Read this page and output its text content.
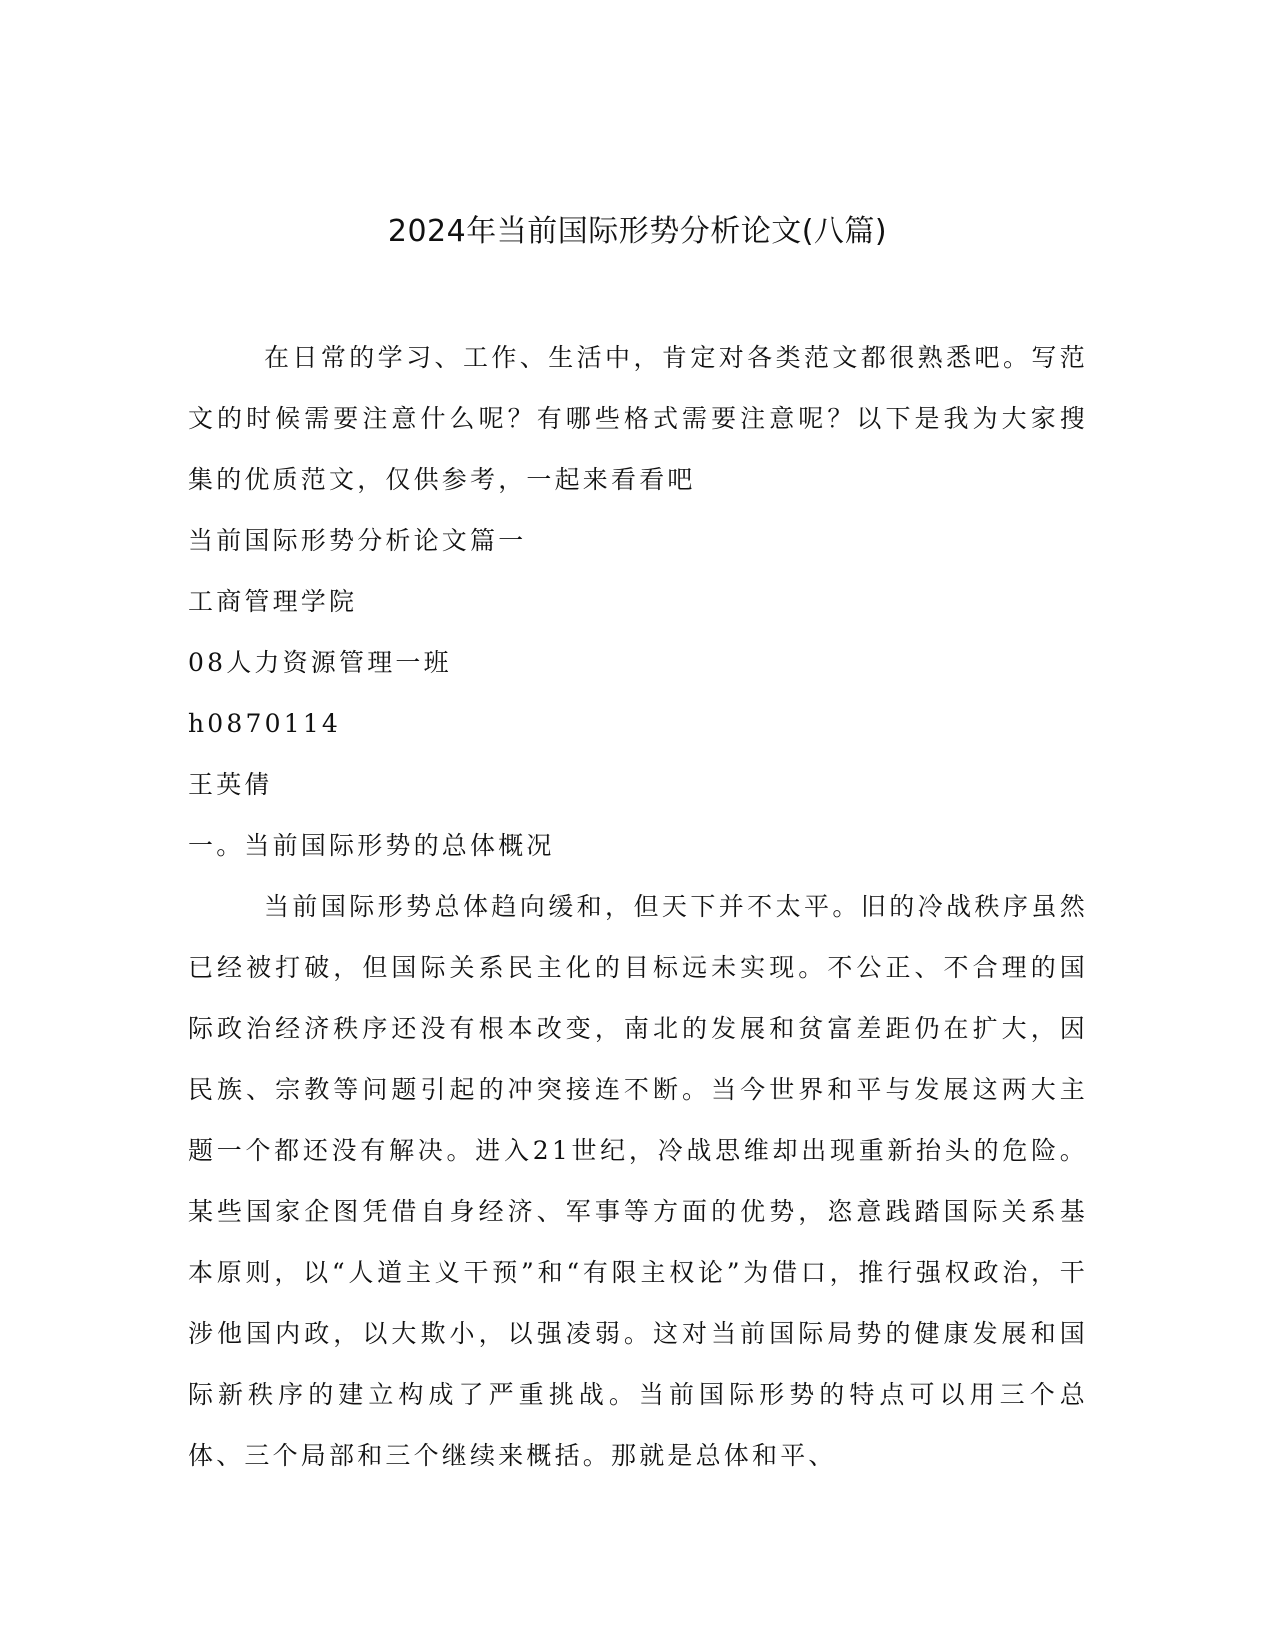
2024年当前国际形势分析论文(八篇)

在日常的学习、工作、生活中，肯定对各类范文都很熟悉吧。写范文的时候需要注意什么呢？有哪些格式需要注意呢？以下是我为大家搜集的优质范文，仅供参考，一起来看看吧

当前国际形势分析论文篇一

工商管理学院

08人力资源管理一班

h0870114

王英倩

一。当前国际形势的总体概况

当前国际形势总体趋向缓和，但天下并不太平。旧的冷战秩序虽然已经被打破，但国际关系民主化的目标远未实现。不公正、不合理的国际政治经济秩序还没有根本改变，南北的发展和贫富差距仍在扩大，因民族、宗教等问题引起的冲突接连不断。当今世界和平与发展这两大主题一个都还没有解决。进入21世纪，冷战思维却出现重新抬头的危险。某些国家企图凭借自身经济、军事等方面的优势，恣意践踏国际关系基本原则，以“人道主义干预”和“有限主权论”为借口，推行强权政治，干涉他国内政，以大欺小，以强凌弱。这对当前国际局势的健康发展和国际新秩序的建立构成了严重挑战。当前国际形势的特点可以用三个总体、三个局部和三个继续来概括。那就是总体和平、
